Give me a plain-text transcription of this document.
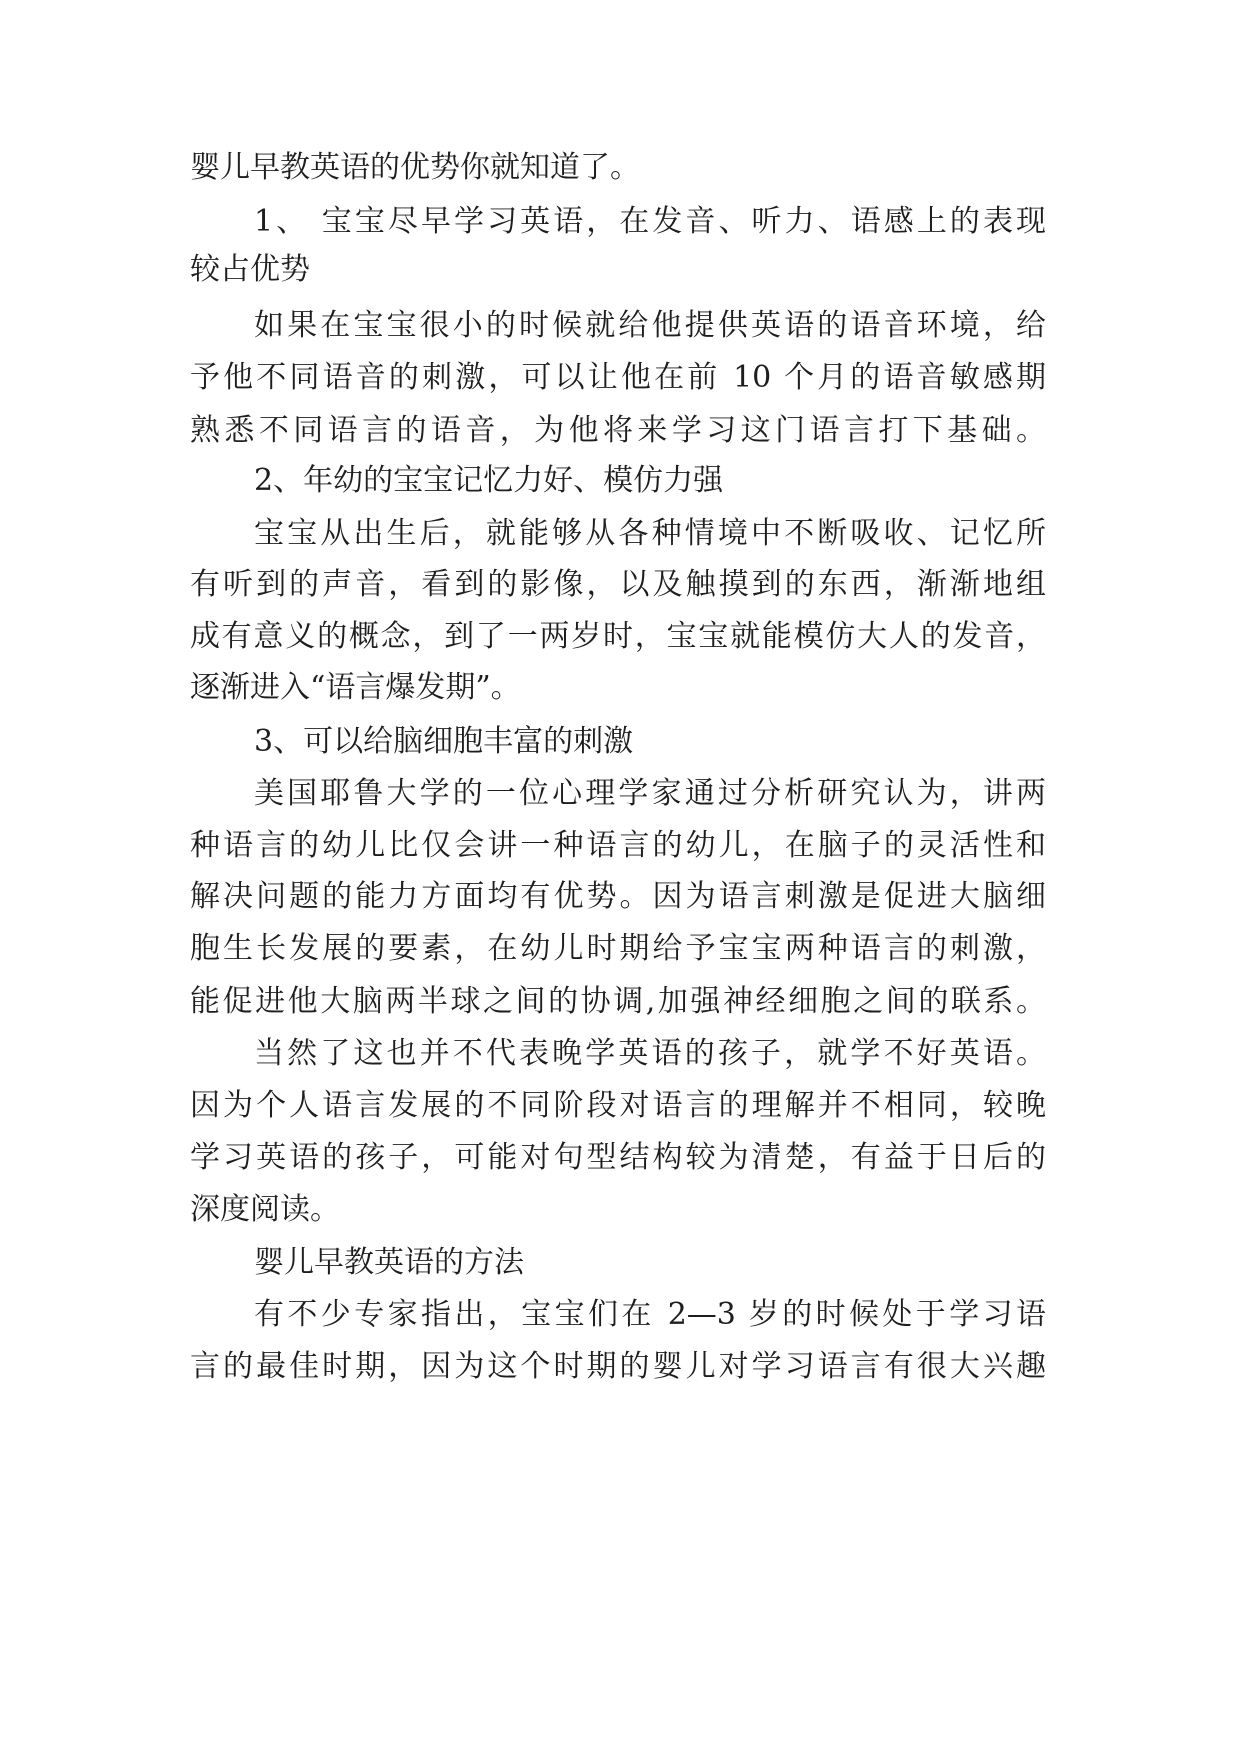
婴儿早教英语的优势你就知道了。
1、 宝宝尽早学习英语，在发音、听力、语感上的表现
较占优势
如果在宝宝很小的时候就给他提供英语的语音环境，给
予他不同语音的刺激，可以让他在前 10 个月的语音敏感期
熟悉不同语言的语音，为他将来学习这门语言打下基础。
2、年幼的宝宝记忆力好、模仿力强
宝宝从出生后，就能够从各种情境中不断吸收、记忆所
有听到的声音，看到的影像，以及触摸到的东西，渐渐地组
成有意义的概念，到了一两岁时，宝宝就能模仿大人的发音，
逐渐进入“语言爆发期”。
3、可以给脑细胞丰富的刺激
美国耶鲁大学的一位心理学家通过分析研究认为，讲两
种语言的幼儿比仅会讲一种语言的幼儿，在脑子的灵活性和
解决问题的能力方面均有优势。因为语言刺激是促进大脑细
胞生长发展的要素，在幼儿时期给予宝宝两种语言的刺激，
能促进他大脑两半球之间的协调,加强神经细胞之间的联系。
当然了这也并不代表晚学英语的孩子，就学不好英语。
因为个人语言发展的不同阶段对语言的理解并不相同，较晚
学习英语的孩子，可能对句型结构较为清楚，有益于日后的
深度阅读。
婴儿早教英语的方法
有不少专家指出，宝宝们在 2—3 岁的时候处于学习语
言的最佳时期，因为这个时期的婴儿对学习语言有很大兴趣
